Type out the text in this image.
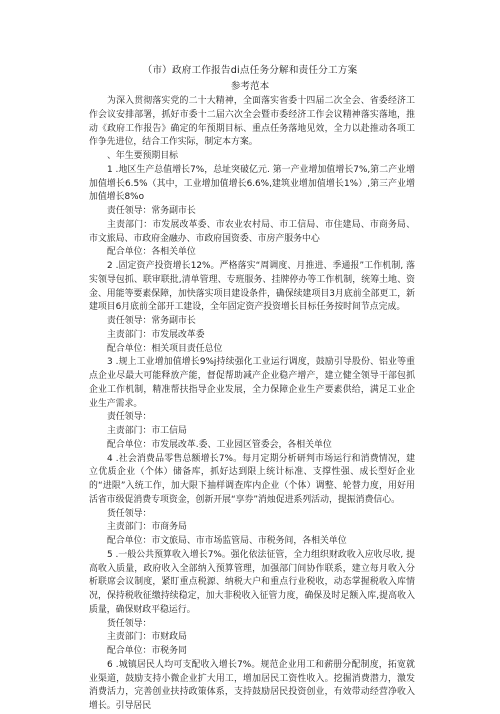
（市）政府工作报告di点任务分解和责任分工方案
参考范本

为深入贯彻落实党的二十大精神，全面落实省委十四届二次全会、省委经济工作会议安排部署，抓好市委十二届六次全会暨市委经济工作会议精神落实落地，推动《政府工作报告》确定的年预期目标、重点任务落地见效，全力以赴推动各项工作争先进位，结合工作实际，制定本方案。

、年生要预期目标

1 .地区生产总值增长7%，总址突破亿元. 第一产业增加值增长7%,第二产业增加值增长6.5%（其中，工业增加值增长6.6%,建筑业增加值增长1%）,第三产业增加值增长8%o

责任领导：常务副市长

主责部门：市发展改革委、市农业农村局、市工信局、市住建局、市商务局、市文旅局、市政府金融办、市政府国资委、市房产服务中心

配合单位：各相关单位

2 .固定资产投资增长12%。严格落实“周调度、月推进、季通报”工作机制, 落实领导包抓、联审联批,清单管理、专班服务、挂牌停办等工作机制，统筹土地、资金、用能等要素保障，加快落实项目建设条件，确保续建项目3月底前全部更工，新建项目6月底前全部开工建设，全年固定资产投资增长目标任务按时间节点完成。

责任领导：常务副市长

主责部门：市发展改革委

配合单位：相关项目责任总位

3 .规上工业增加值增长9%j持续强化工业运行调度，鼓励引导股份、铝业等重点企业尽最大可能释放产能，督促帮助减产企业稳产增产，建立健全领导干部包抓企业工作机制，精准帮扶指导企业发展，全力保障企业生产要素供给，满足工业企业生产需求。

责任领导：

主责部门：市工信局

配合单位：市发展改革.委、工业园区管委会，各相关单位

4 .社会消费品零售总额增长7%。每月定期分析研判市场运行和消费情况，建立优质企业（个体）储备库，抓好达到限上统计标准、支撑性强、成长型好企业的“进限”入统工作，加大限下抽样调查库内企业（个体）调整、轮替力度，用好用活省市级促消费专项资金，创新开展“享券”消烛促进系列活动，提振消费信心。

货任领导：

主责部门：市商务局

配合单位：市文旅局、市市场监管局、市税务间，各相关单位

5 .一般公共预算收入增长7%。强化依法征管，全力组织财政收入应收尽收, 提高收入质量，政府收入全部纳入预算管理，加强部门间协作联系，建立每月收入分析联席会议制度，紧盯重点税源、纳税大户和重点行业税收，动态掌握税收入库情况，保持税收征缴持续稳定，加大非税收入征管力度，确保及时足额入库,提高收入质量，确保财政平稳运行。

货任领导：

主责部门：市财政局

配合单位：市税务同

6 .城镇居民人均可支配收入增长7%。规范企业用工和薪册分配制度，拓宽就业渠道，鼓励支持小微企业扩大用工，增加居民工资性收入。挖掘消费潜力，激发消费活力，完善创业扶持政策体系，支持鼓励居民投资创业，有效带动经营净收入增长。引导居民
